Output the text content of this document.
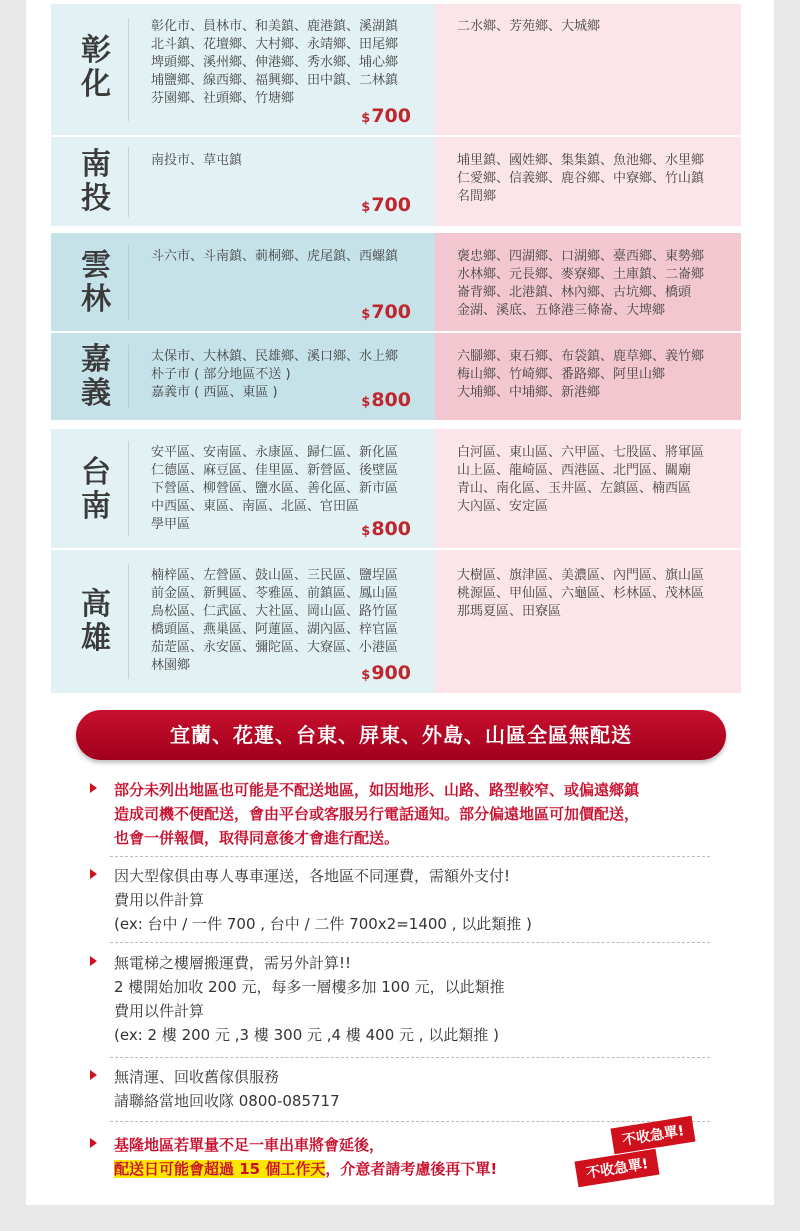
彰
化
彰化市、員林市、和美鎮、鹿港鎮、溪湖鎮
北斗鎮、花壇鄉、大村鄉、永靖鄉、田尾鄉
埤頭鄉、溪州鄉、伸港鄉、秀水鄉、埔心鄉
埔鹽鄉、線西鄉、福興鄉、田中鎮、二林鎮
芬園鄉、社頭鄉、竹塘鄉
$700
二水鄉、芳苑鄉、大城鄉
南
投
南投市、草屯鎮
$700
埔里鎮、國姓鄉、集集鎮、魚池鄉、水里鄉
仁愛鄉、信義鄉、鹿谷鄉、中寮鄉、竹山鎮
名間鄉
雲
林
斗六市、斗南鎮、莿桐鄉、虎尾鎮、西螺鎮
$700
褒忠鄉、四湖鄉、口湖鄉、臺西鄉、東勢鄉
水林鄉、元長鄉、麥寮鄉、土庫鎮、二崙鄉
崙背鄉、北港鎮、林內鄉、古坑鄉、橋頭
金湖、溪底、五條港三條崙、大埤鄉
嘉
義
太保市、大林鎮、民雄鄉、溪口鄉、水上鄉
朴子市 ( 部分地區不送 )
嘉義市 ( 西區、東區 )
$800
六腳鄉、東石鄉、布袋鎮、鹿草鄉、義竹鄉
梅山鄉、竹崎鄉、番路鄉、阿里山鄉
大埔鄉、中埔鄉、新港鄉
台
南
安平區、安南區、永康區、歸仁區、新化區
仁德區、麻豆區、佳里區、新營區、後壁區
下營區、柳營區、鹽水區、善化區、新市區
中西區、東區、南區、北區、官田區
學甲區	$800
白河區、東山區、六甲區、七股區、將軍區
山上區、龍崎區、西港區、北門區、關廟
青山、南化區、玉井區、左鎮區、楠西區
大內區、安定區
高
雄
楠梓區、左營區、鼓山區、三民區、鹽埕區
前金區、新興區、苓雅區、前鎮區、鳳山區
鳥松區、仁武區、大社區、岡山區、路竹區
橋頭區、燕巢區、阿蓮區、湖內區、梓官區
茄萣區、永安區、彌陀區、大寮區、小港區
林園鄉
$900
大樹區、旗津區、美濃區、內門區、旗山區
桃源區、甲仙區、六龜區、杉林區、茂林區
那瑪夏區、田寮區
宜蘭、花蓮、台東、屏東、外島、山區全區無配送
部分未列出地區也可能是不配送地區，如因地形、山路、路型較窄、或偏遠鄉鎮
造成司機不便配送，會由平台或客服另行電話通知。部分偏遠地區可加價配送，
也會一併報價，取得同意後才會進行配送。
因大型傢俱由專人專車運送，各地區不同運費，需額外支付!
費用以件計算
(ex: 台中 / 一件 700 , 台中 / 二件 700x2=1400 , 以此類推 )
無電梯之樓層搬運費，需另外計算!!
2 樓開始加收 200 元，每多一層樓多加 100 元，以此類推
費用以件計算
(ex: 2 樓 200 元 ,3 樓 300 元 ,4 樓 400 元 , 以此類推 )
無清運、回收舊傢俱服務
請聯絡當地回收隊 0800-085717
基隆地區若單量不足一車出車將會延後，
配送日可能會超過 15 個工作天，介意者請考慮後再下單!
不收急單!
不收急單!
